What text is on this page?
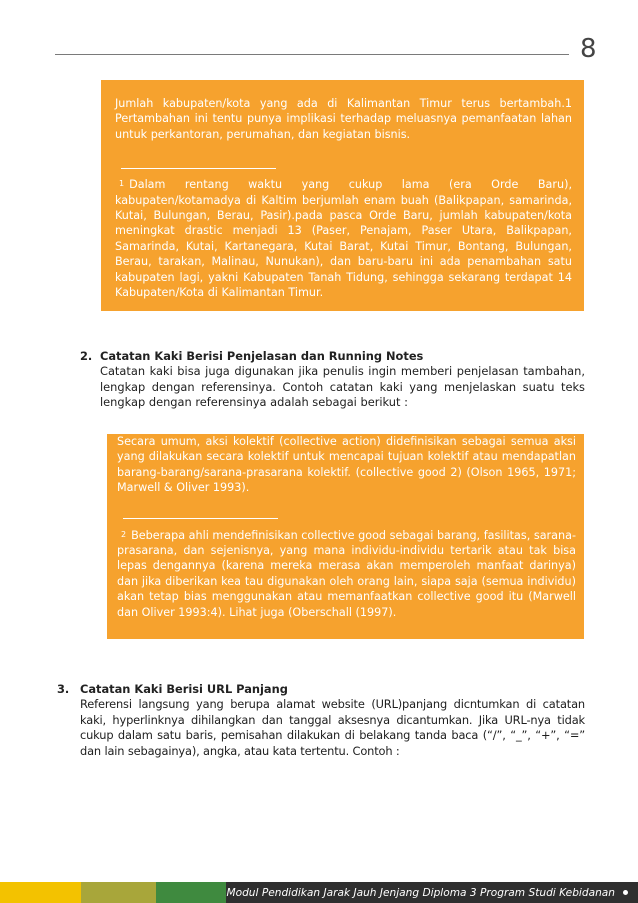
8

Jumlah kabupaten/kota yang ada di Kalimantan Timur terus bertambah.1 Pertambahan ini tentu punya implikasi terhadap meluasnya pemanfaatan lahan untuk perkantoran, perumahan, dan kegiatan bisnis.

1 Dalam rentang waktu yang cukup lama (era Orde Baru), kabupaten/kotamadya di Kaltim berjumlah enam buah (Balikpapan, samarinda, Kutai, Bulungan, Berau, Pasir).pada pasca Orde Baru, jumlah kabupaten/kota meningkat drastic menjadi 13 (Paser, Penajam, Paser Utara, Balikpapan, Samarinda, Kutai, Kartanegara, Kutai Barat, Kutai Timur, Bontang, Bulungan, Berau, tarakan, Malinau, Nunukan), dan baru-baru ini ada penambahan satu kabupaten lagi, yakni Kabupaten Tanah Tidung, sehingga sekarang terdapat 14 Kabupaten/Kota di Kalimantan Timur.

2. Catatan Kaki Berisi Penjelasan dan Running Notes

Catatan kaki bisa juga digunakan jika penulis ingin memberi penjelasan tambahan, lengkap dengan referensinya. Contoh catatan kaki yang menjelaskan suatu teks lengkap dengan referensinya adalah sebagai berikut :

Secara umum, aksi kolektif (collective action) didefinisikan sebagai semua aksi yang dilakukan secara kolektif untuk mencapai tujuan kolektif atau mendapatlan barang-barang/sarana-prasarana kolektif. (collective good 2) (Olson 1965, 1971; Marwell & Oliver 1993).

2 Beberapa ahli mendefinisikan collective good sebagai barang, fasilitas, sarana-prasarana, dan sejenisnya, yang mana individu-individu tertarik atau tak bisa lepas dengannya (karena mereka merasa akan memperoleh manfaat darinya) dan jika diberikan kea tau digunakan oleh orang lain, siapa saja (semua individu) akan tetap bias menggunakan atau memanfaatkan collective good itu (Marwell dan Oliver 1993:4). Lihat juga (Oberschall (1997).

3. Catatan Kaki Berisi URL Panjang

Referensi langsung yang berupa alamat website (URL)panjang dicntumkan di catatan kaki, hyperlinknya dihilangkan dan tanggal aksesnya dicantumkan. Jika URL-nya tidak cukup dalam satu baris, pemisahan dilakukan di belakang tanda baca (“/”, “_”, “+”, “=” dan lain sebagainya), angka, atau kata tertentu. Contoh :

Modul Pendidikan Jarak Jauh Jenjang Diploma 3 Program Studi Kebidanan
